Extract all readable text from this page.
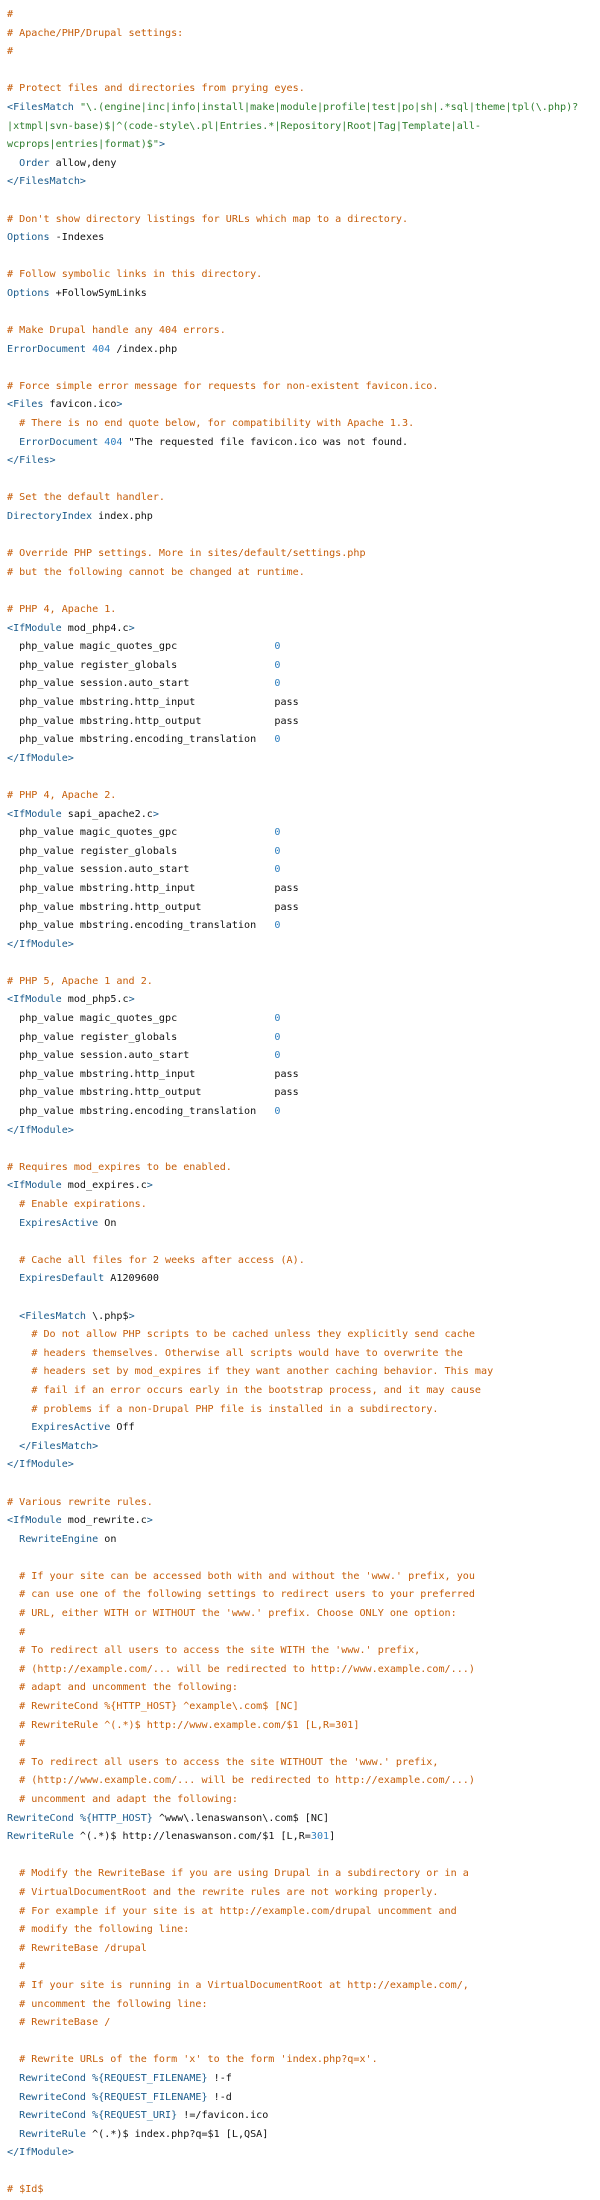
#
# Apache/PHP/Drupal settings:
#

# Protect files and directories from prying eyes.
<FilesMatch "\.(engine|inc|info|install|make|module|profile|test|po|sh|.*sql|theme|tpl(\.php)?
|xtmpl|svn-base)$|^(code-style\.pl|Entries.*|Repository|Root|Tag|Template|all-
wcprops|entries|format)$">
Order allow,deny
</FilesMatch>

# Don't show directory listings for URLs which map to a directory.
Options -Indexes

# Follow symbolic links in this directory.
Options +FollowSymLinks

# Make Drupal handle any 404 errors.
ErrorDocument 404 /index.php

# Force simple error message for requests for non-existent favicon.ico.
<Files favicon.ico>
# There is no end quote below, for compatibility with Apache 1.3.
ErrorDocument 404 "The requested file favicon.ico was not found.
</Files>

# Set the default handler.
DirectoryIndex index.php

# Override PHP settings. More in sites/default/settings.php
# but the following cannot be changed at runtime.

# PHP 4, Apache 1.
<IfModule mod_php4.c>
php_value magic_quotes_gpc                0
php_value register_globals                0
php_value session.auto_start              0
php_value mbstring.http_input             pass
php_value mbstring.http_output            pass
php_value mbstring.encoding_translation   0
</IfModule>

# PHP 4, Apache 2.
<IfModule sapi_apache2.c>
php_value magic_quotes_gpc                0
php_value register_globals                0
php_value session.auto_start              0
php_value mbstring.http_input             pass
php_value mbstring.http_output            pass
php_value mbstring.encoding_translation   0
</IfModule>

# PHP 5, Apache 1 and 2.
<IfModule mod_php5.c>
php_value magic_quotes_gpc                0
php_value register_globals                0
php_value session.auto_start              0
php_value mbstring.http_input             pass
php_value mbstring.http_output            pass
php_value mbstring.encoding_translation   0
</IfModule>

# Requires mod_expires to be enabled.
<IfModule mod_expires.c>
# Enable expirations.
ExpiresActive On

# Cache all files for 2 weeks after access (A).
ExpiresDefault A1209600

<FilesMatch \.php$>
# Do not allow PHP scripts to be cached unless they explicitly send cache
# headers themselves. Otherwise all scripts would have to overwrite the
# headers set by mod_expires if they want another caching behavior. This may
# fail if an error occurs early in the bootstrap process, and it may cause
# problems if a non-Drupal PHP file is installed in a subdirectory.
ExpiresActive Off
</FilesMatch>
</IfModule>

# Various rewrite rules.
<IfModule mod_rewrite.c>
RewriteEngine on

# If your site can be accessed both with and without the 'www.' prefix, you
# can use one of the following settings to redirect users to your preferred
# URL, either WITH or WITHOUT the 'www.' prefix. Choose ONLY one option:
#
# To redirect all users to access the site WITH the 'www.' prefix,
# (http://example.com/... will be redirected to http://www.example.com/...)
# adapt and uncomment the following:
# RewriteCond %{HTTP_HOST} ^example\.com$ [NC]
# RewriteRule ^(.*)$ http://www.example.com/$1 [L,R=301]
#
# To redirect all users to access the site WITHOUT the 'www.' prefix,
# (http://www.example.com/... will be redirected to http://example.com/...)
# uncomment and adapt the following:
RewriteCond %{HTTP_HOST} ^www\.lenaswanson\.com$ [NC]
RewriteRule ^(.*)$ http://lenaswanson.com/$1 [L,R=301]

# Modify the RewriteBase if you are using Drupal in a subdirectory or in a
# VirtualDocumentRoot and the rewrite rules are not working properly.
# For example if your site is at http://example.com/drupal uncomment and
# modify the following line:
# RewriteBase /drupal
#
# If your site is running in a VirtualDocumentRoot at http://example.com/,
# uncomment the following line:
# RewriteBase /

# Rewrite URLs of the form 'x' to the form 'index.php?q=x'.
RewriteCond %{REQUEST_FILENAME} !-f
RewriteCond %{REQUEST_FILENAME} !-d
RewriteCond %{REQUEST_URI} !=/favicon.ico
RewriteRule ^(.*)$ index.php?q=$1 [L,QSA]
</IfModule>

# $Id$
